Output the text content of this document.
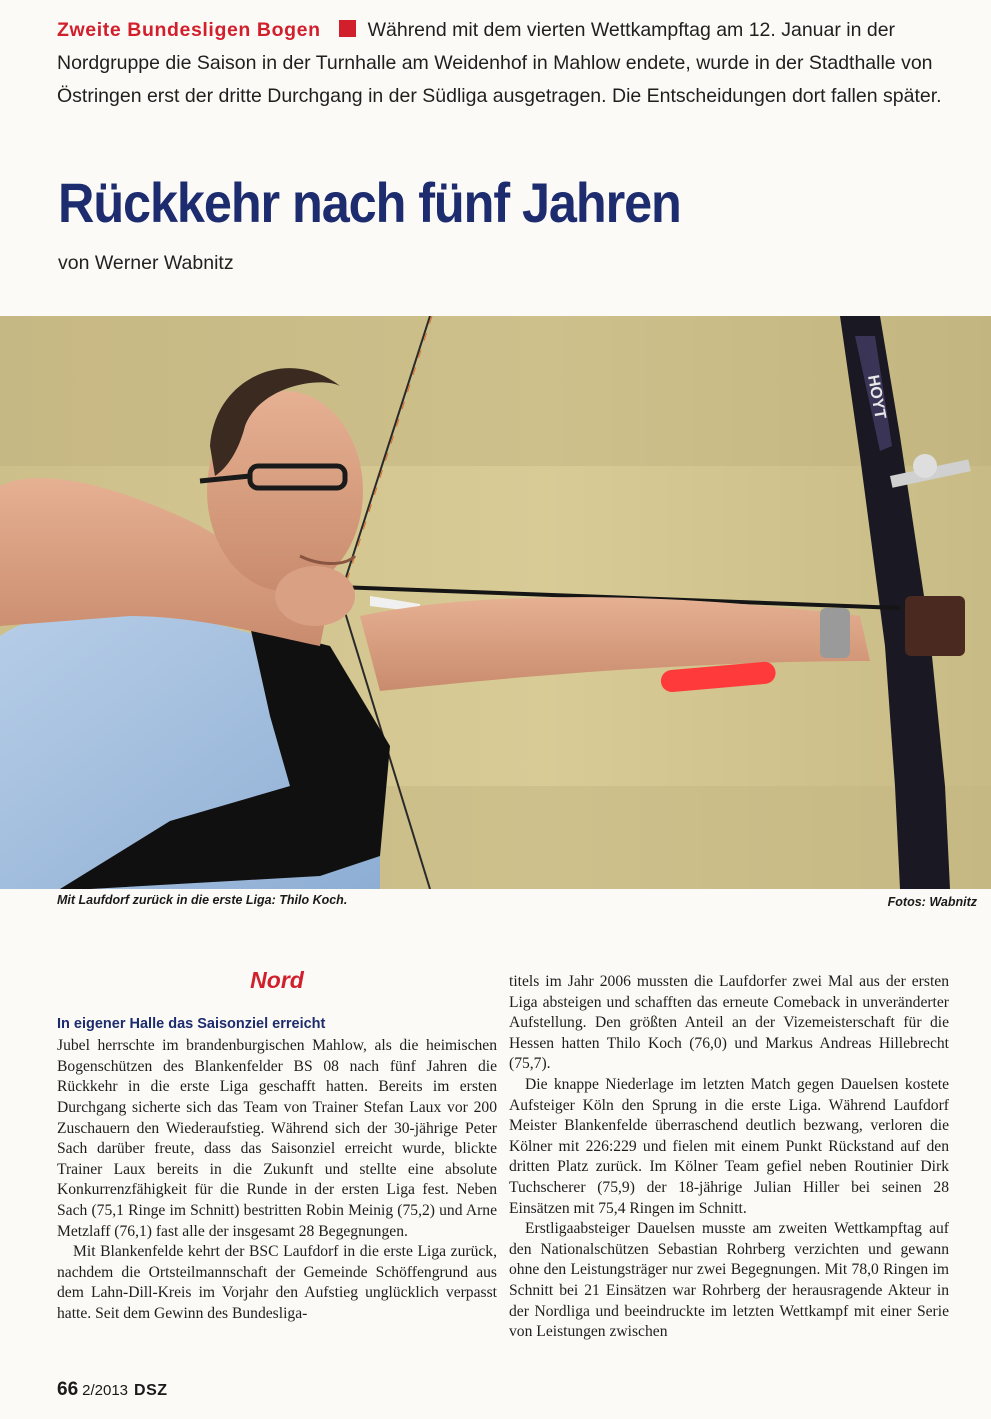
Zweite Bundesligen Bogen Während mit dem vierten Wettkampftag am 12. Januar in der Nordgruppe die Saison in der Turnhalle am Weidenhof in Mahlow endete, wurde in der Stadthalle von Östringen erst der dritte Durchgang in der Südliga ausgetragen. Die Entscheidungen dort fallen später.
Rückkehr nach fünf Jahren
von Werner Wabnitz
HOYT
Mit Laufdorf zurück in die erste Liga: Thilo Koch.	Fotos: Wabnitz
Nord
In eigener Halle das Saisonziel erreicht

Jubel herrschte im brandenburgischen Mahlow, als die heimischen Bogenschützen des Blankenfelder BS 08 nach fünf Jahren die Rückkehr in die erste Liga geschafft hatten. Bereits im ersten Durchgang sicherte sich das Team von Trainer Stefan Laux vor 200 Zuschauern den Wiederaufstieg. Während sich der 30-jährige Peter Sach darüber freute, dass das Saisonziel erreicht wurde, blickte Trainer Laux bereits in die Zukunft und stellte eine absolute Konkurrenzfähigkeit für die Runde in der ersten Liga fest. Neben Sach (75,1 Ringe im Schnitt) bestritten Robin Meinig (75,2) und Arne Metzlaff (76,1) fast alle der insgesamt 28 Begegnungen.

Mit Blankenfelde kehrt der BSC Laufdorf in die erste Liga zurück, nachdem die Ortsteilmannschaft der Gemeinde Schöffengrund aus dem Lahn-Dill-Kreis im Vorjahr den Aufstieg unglücklich verpasst hatte. Seit dem Gewinn des Bundesliga-

titels im Jahr 2006 mussten die Laufdorfer zwei Mal aus der ersten Liga absteigen und schafften das erneute Comeback in unveränderter Aufstellung. Den größten Anteil an der Vizemeisterschaft für die Hessen hatten Thilo Koch (76,0) und Markus Andreas Hillebrecht (75,7).

Die knappe Niederlage im letzten Match gegen Dauelsen kostete Aufsteiger Köln den Sprung in die erste Liga. Während Laufdorf Meister Blankenfelde überraschend deutlich bezwang, verloren die Kölner mit 226:229 und fielen mit einem Punkt Rückstand auf den dritten Platz zurück. Im Kölner Team gefiel neben Routinier Dirk Tuchscherer (75,9) der 18-jährige Julian Hiller bei seinen 28 Einsätzen mit 75,4 Ringen im Schnitt.

Erstligaabsteiger Dauelsen musste am zweiten Wettkampftag auf den Nationalschützen Sebastian Rohrberg verzichten und gewann ohne den Leistungsträger nur zwei Begegnungen. Mit 78,0 Ringen im Schnitt bei 21 Einsätzen war Rohrberg der herausragende Akteur in der Nordliga und beeindruckte im letzten Wettkampf mit einer Serie von Leistungen zwischen

66 2/2013 DSZ
